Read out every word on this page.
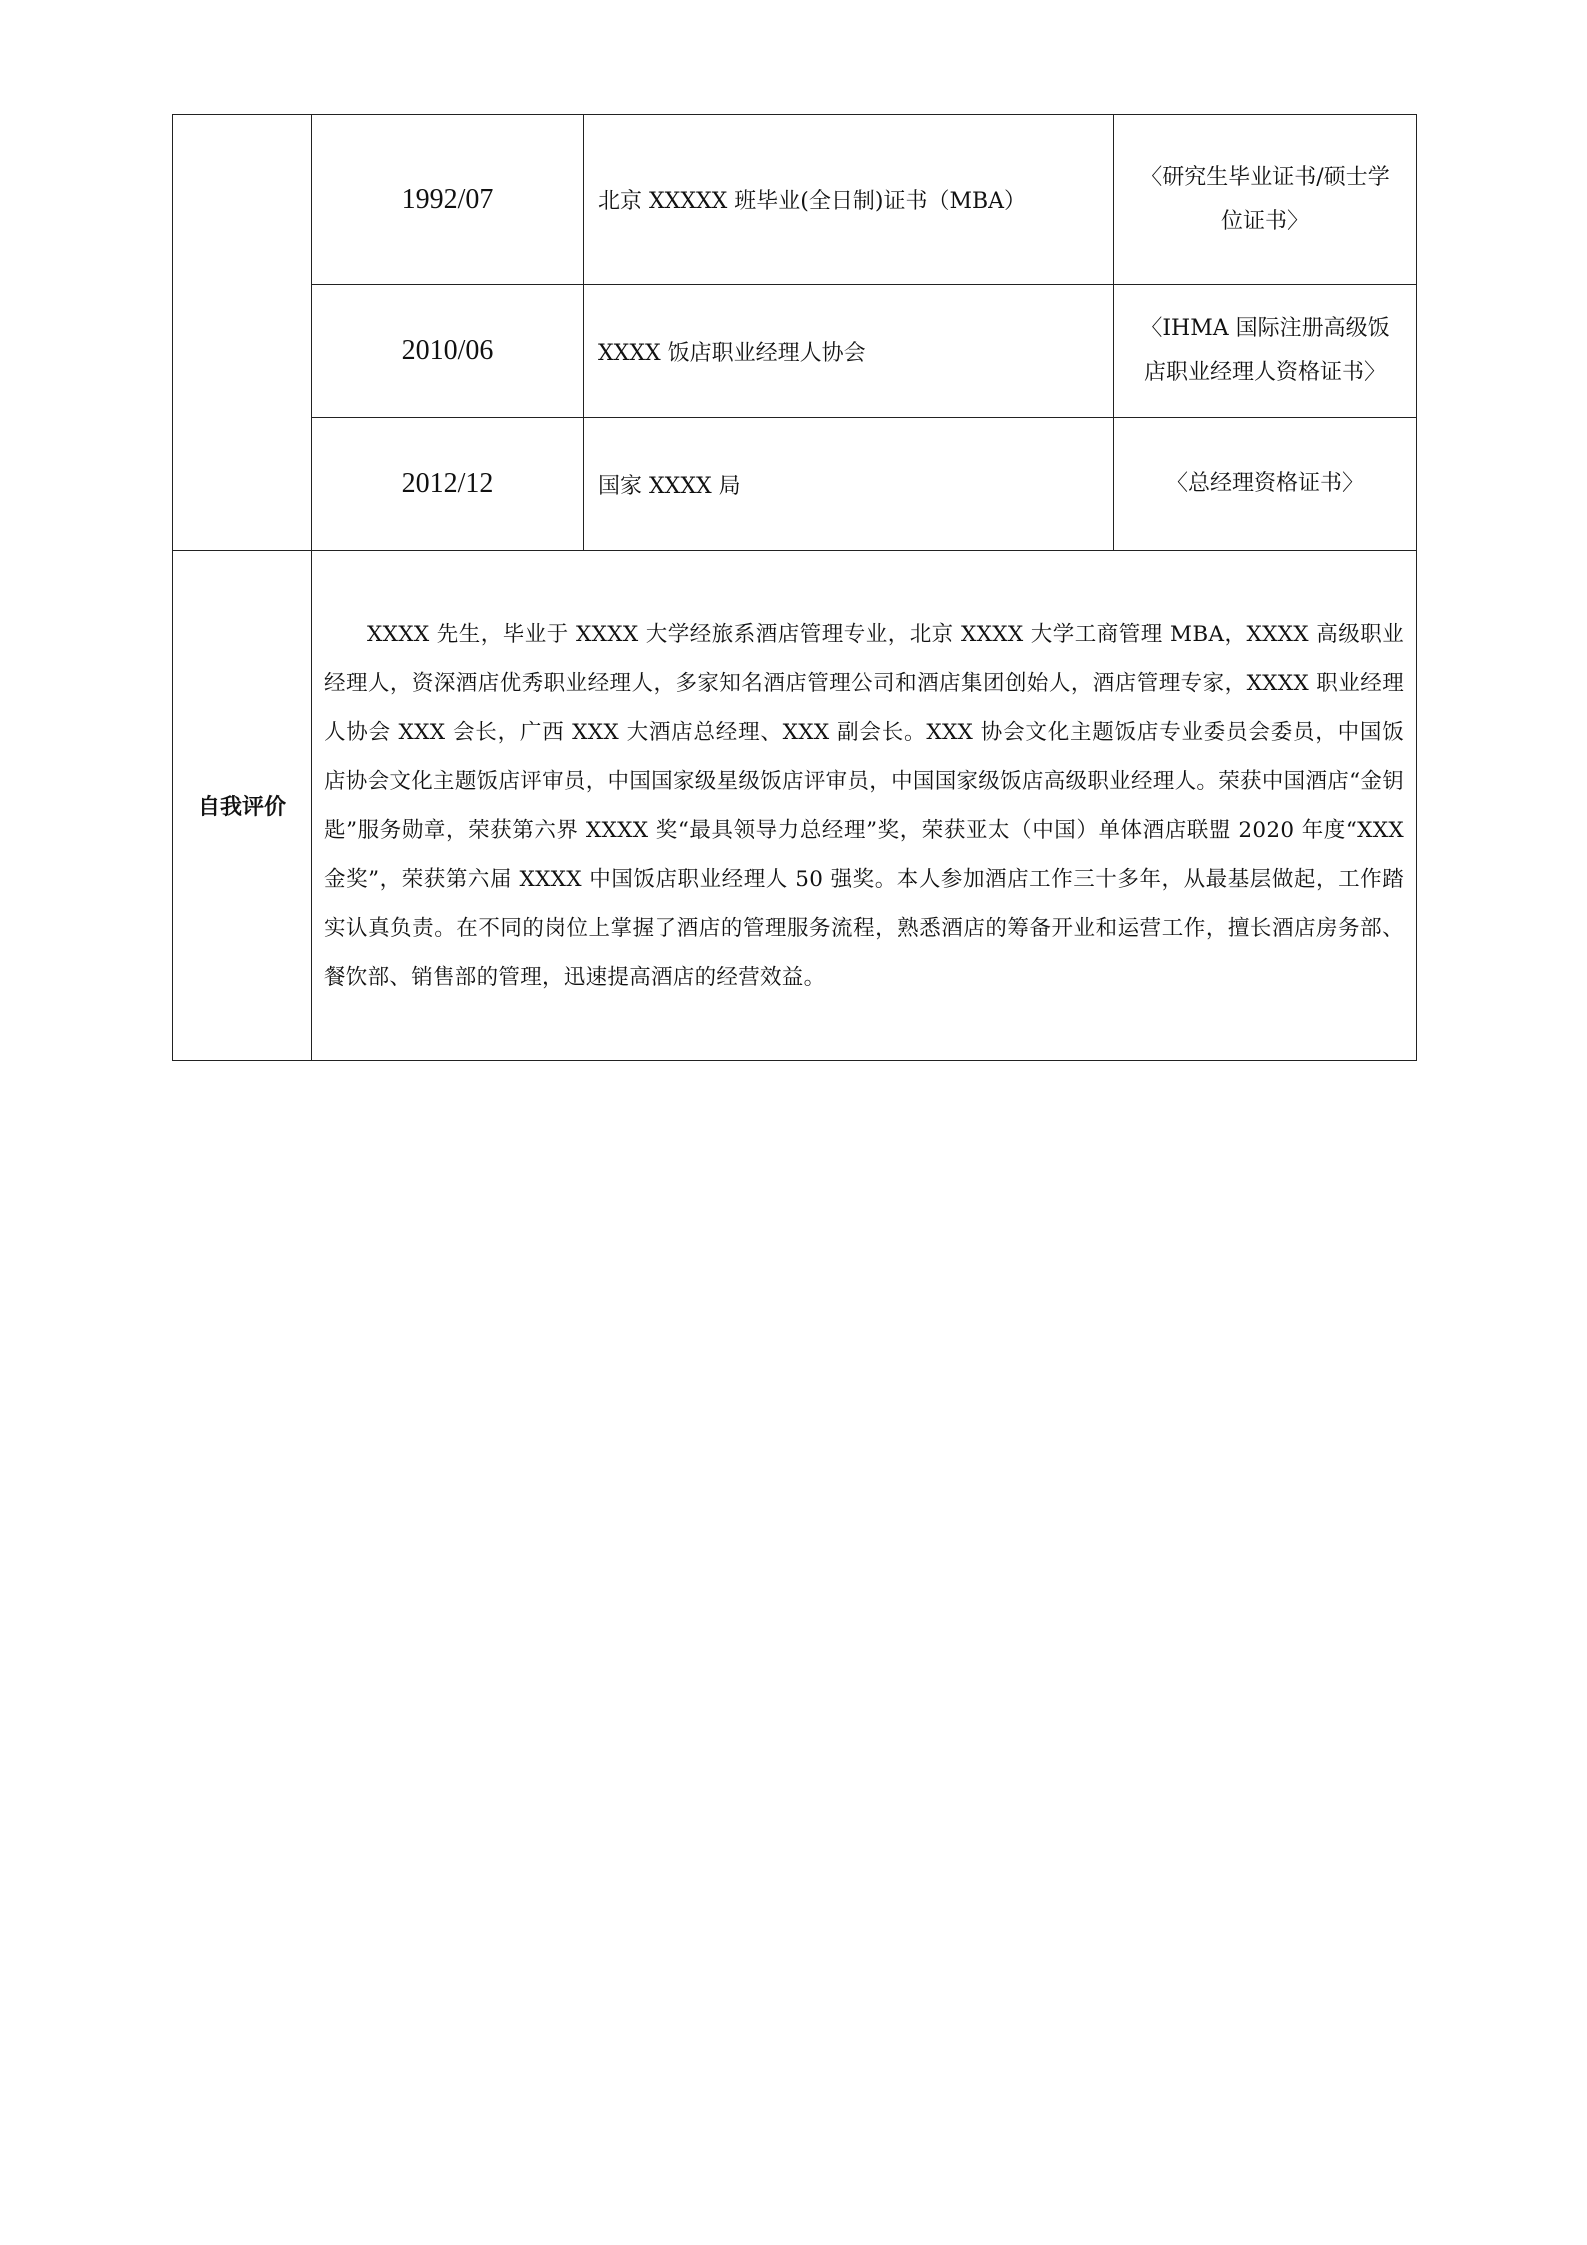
	1992/07	北京 XXXXX 班毕业(全日制)证书（MBA）	〈研究生毕业证书/硕士学位证书〉
	2010/06	XXXX 饭店职业经理人协会	〈IHMA 国际注册高级饭店职业经理人资格证书〉
	2012/12	国家 XXXX 局	〈总经理资格证书〉
自我评价	XXXX 先生，毕业于 XXXX 大学经旅系酒店管理专业，北京 XXXX 大学工商管理 MBA，XXXX 高级职业经理人，资深酒店优秀职业经理人，多家知名酒店管理公司和酒店集团创始人，酒店管理专家，XXXX 职业经理人协会 XXX 会长，广西 XXX 大酒店总经理、XXX 副会长。XXX 协会文化主题饭店专业委员会委员，中国饭店协会文化主题饭店评审员，中国国家级星级饭店评审员，中国国家级饭店高级职业经理人。荣获中国酒店“金钥匙”服务勋章，荣获第六界 XXXX 奖“最具领导力总经理”奖，荣获亚太（中国）单体酒店联盟 2020 年度“XXX 金奖”，荣获第六届 XXXX 中国饭店职业经理人 50 强奖。本人参加酒店工作三十多年，从最基层做起，工作踏实认真负责。在不同的岗位上掌握了酒店的管理服务流程，熟悉酒店的筹备开业和运营工作，擅长酒店房务部、餐饮部、销售部的管理，迅速提高酒店的经营效益。		
